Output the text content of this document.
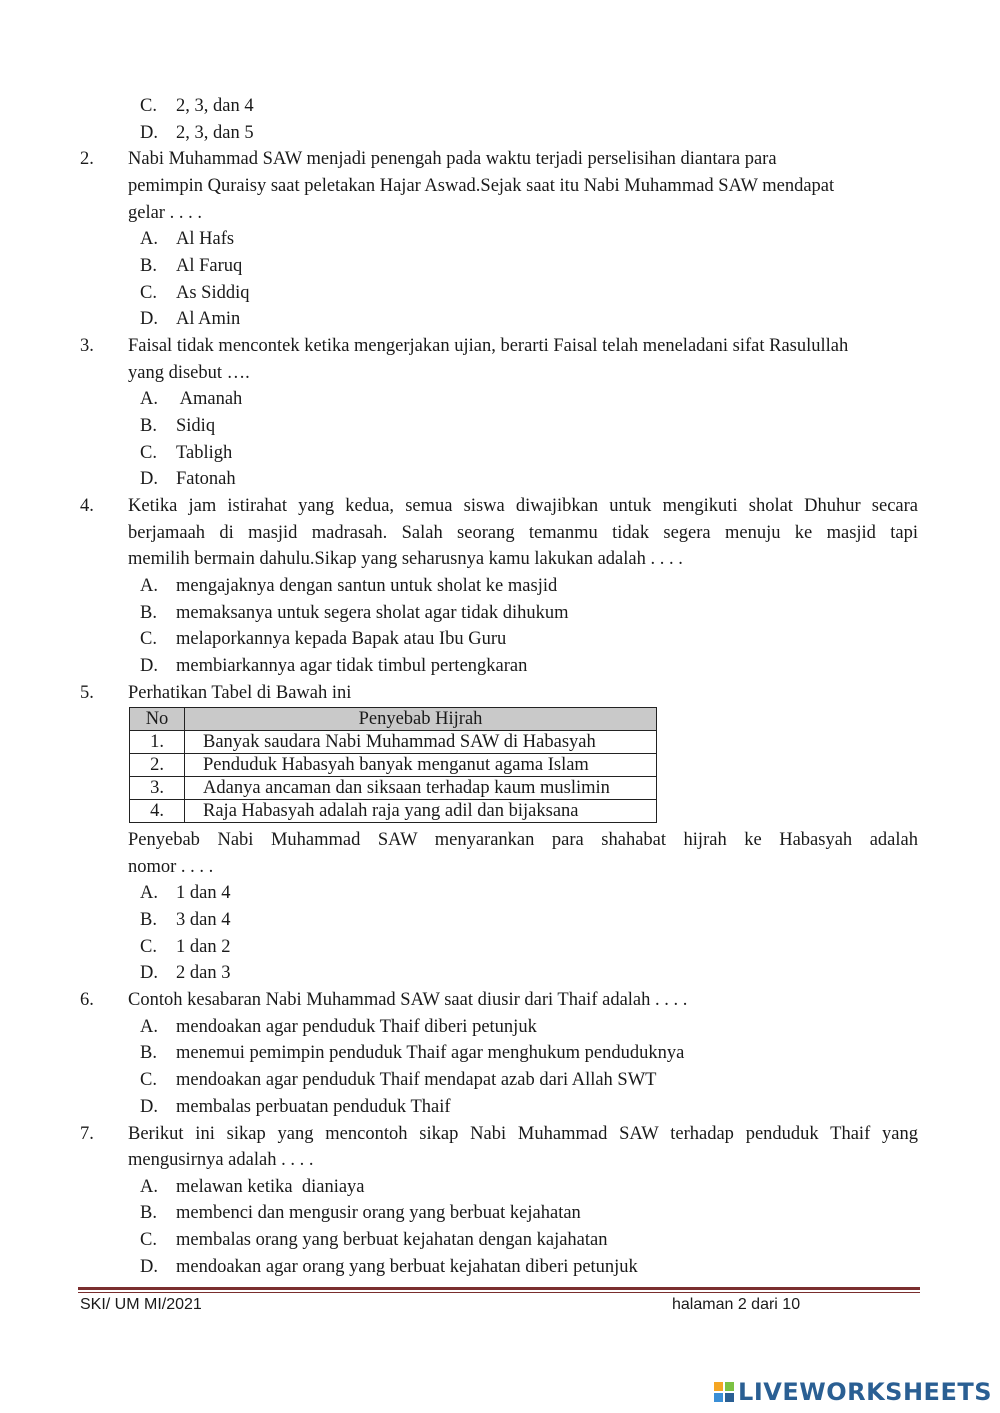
C. 2, 3, dan 4
D. 2, 3, dan 5
2. Nabi Muhammad SAW menjadi penengah pada waktu terjadi perselisihan diantara para
pemimpin Quraisy saat peletakan Hajar Aswad.Sejak saat itu Nabi Muhammad SAW mendapat
gelar . . . .
A. Al Hafs
B. Al Faruq
C. As Siddiq
D. Al Amin
3. Faisal tidak mencontek ketika mengerjakan ujian, berarti Faisal telah meneladani sifat Rasulullah
yang disebut ….
A. Amanah
B. Sidiq
C. Tabligh
D. Fatonah
4. Ketika jam istirahat yang kedua, semua siswa diwajibkan untuk mengikuti sholat Dhuhur secara
berjamaah di masjid madrasah. Salah seorang temanmu tidak segera menuju ke masjid tapi
memilih bermain dahulu.Sikap yang seharusnya kamu lakukan adalah . . . .
A. mengajaknya dengan santun untuk sholat ke masjid
B. memaksanya untuk segera sholat agar tidak dihukum
C. melaporkannya kepada Bapak atau Ibu Guru
D. membiarkannya agar tidak timbul pertengkaran
5. Perhatikan Tabel di Bawah ini
No	Penyebab Hijrah
1.	Banyak saudara Nabi Muhammad SAW di Habasyah
2.	Penduduk Habasyah banyak menganut agama Islam
3.	Adanya ancaman dan siksaan terhadap kaum muslimin
4.	Raja Habasyah adalah raja yang adil dan bijaksana
Penyebab Nabi Muhammad SAW menyarankan para shahabat hijrah ke Habasyah adalah
nomor . . . .
A. 1 dan 4
B. 3 dan 4
C. 1 dan 2
D. 2 dan 3
6. Contoh kesabaran Nabi Muhammad SAW saat diusir dari Thaif adalah . . . .
A. mendoakan agar penduduk Thaif diberi petunjuk
B. menemui pemimpin penduduk Thaif agar menghukum penduduknya
C. mendoakan agar penduduk Thaif mendapat azab dari Allah SWT
D. membalas perbuatan penduduk Thaif
7. Berikut ini sikap yang mencontoh sikap Nabi Muhammad SAW terhadap penduduk Thaif yang
mengusirnya adalah . . . .
A. melawan ketika  dianiaya
B. membenci dan mengusir orang yang berbuat kejahatan
C. membalas orang yang berbuat kejahatan dengan kajahatan
D. mendoakan agar orang yang berbuat kejahatan diberi petunjuk
SKI/ UM MI/2021	halaman 2 dari 10
LIVEWORKSHEETS
